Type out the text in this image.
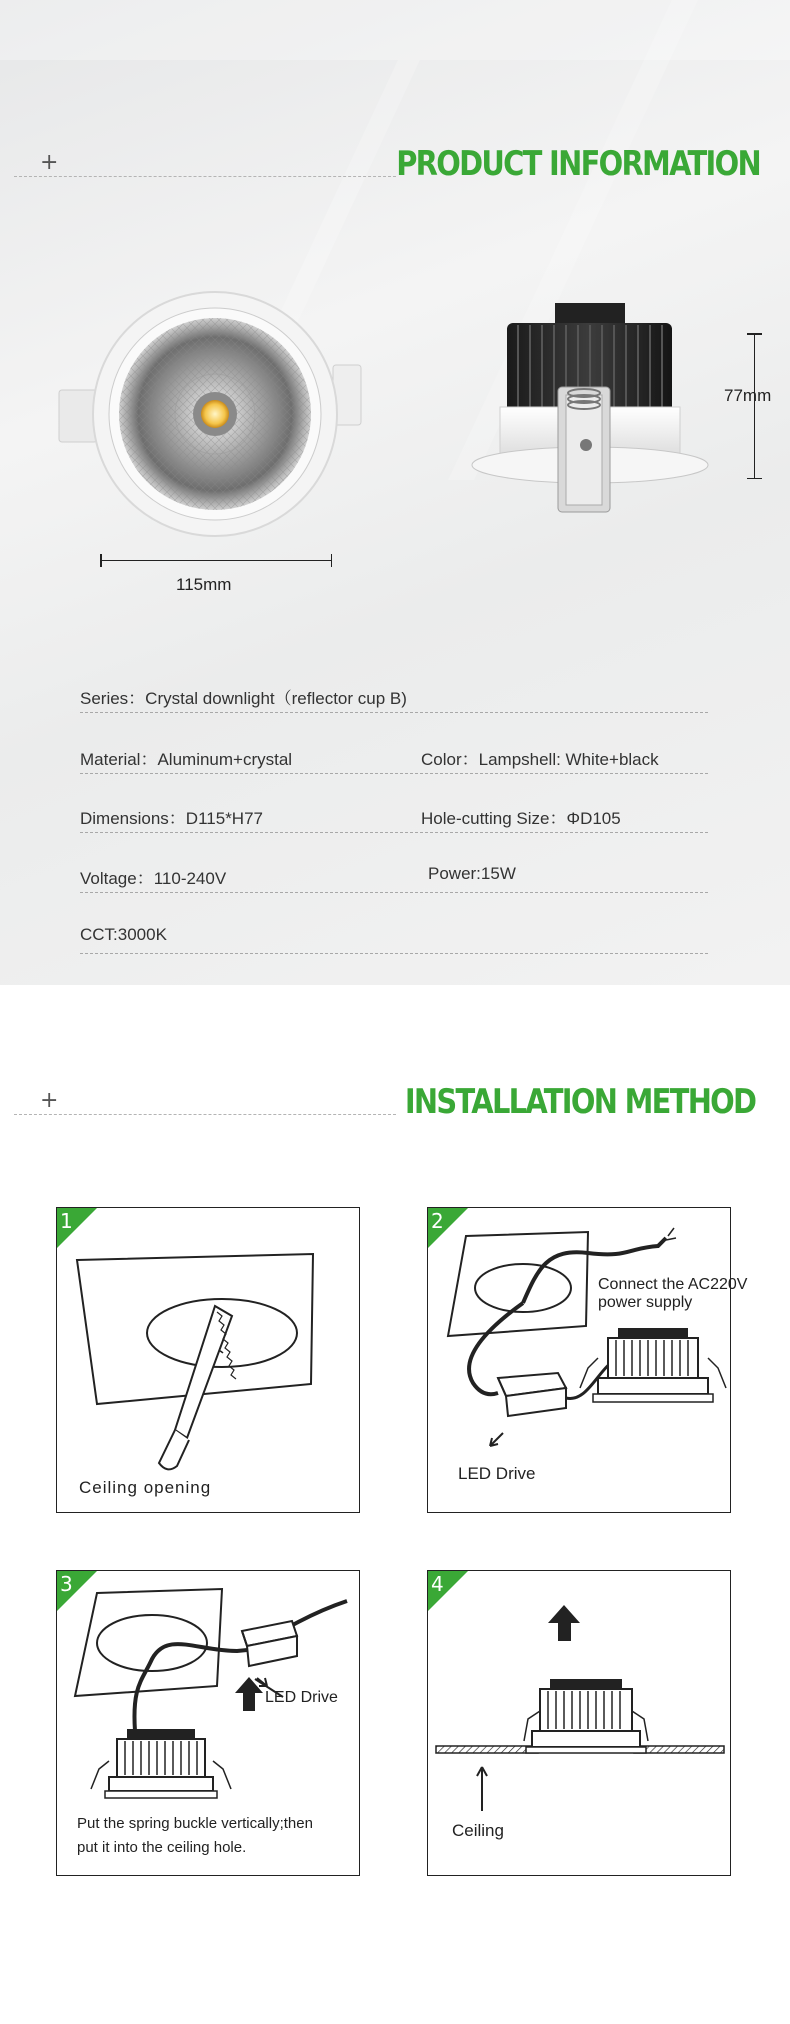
+	PRODUCT INFORMATION
115mm
77mm
Series：Crystal downlight（reflector cup B)
Material：Aluminum+crystal	Color：Lampshell: White+black
Dimensions：D115*H77	Hole-cutting Size：ΦD105
Voltage：110-240V	Power:15W
CCT:3000K
+	INSTALLATION METHOD
1
Ceiling opening
2
Connect the AC220V
power supply
LED Drive
3
LED Drive
Put the spring buckle vertically;then
put it into the ceiling hole.
4
Ceiling
